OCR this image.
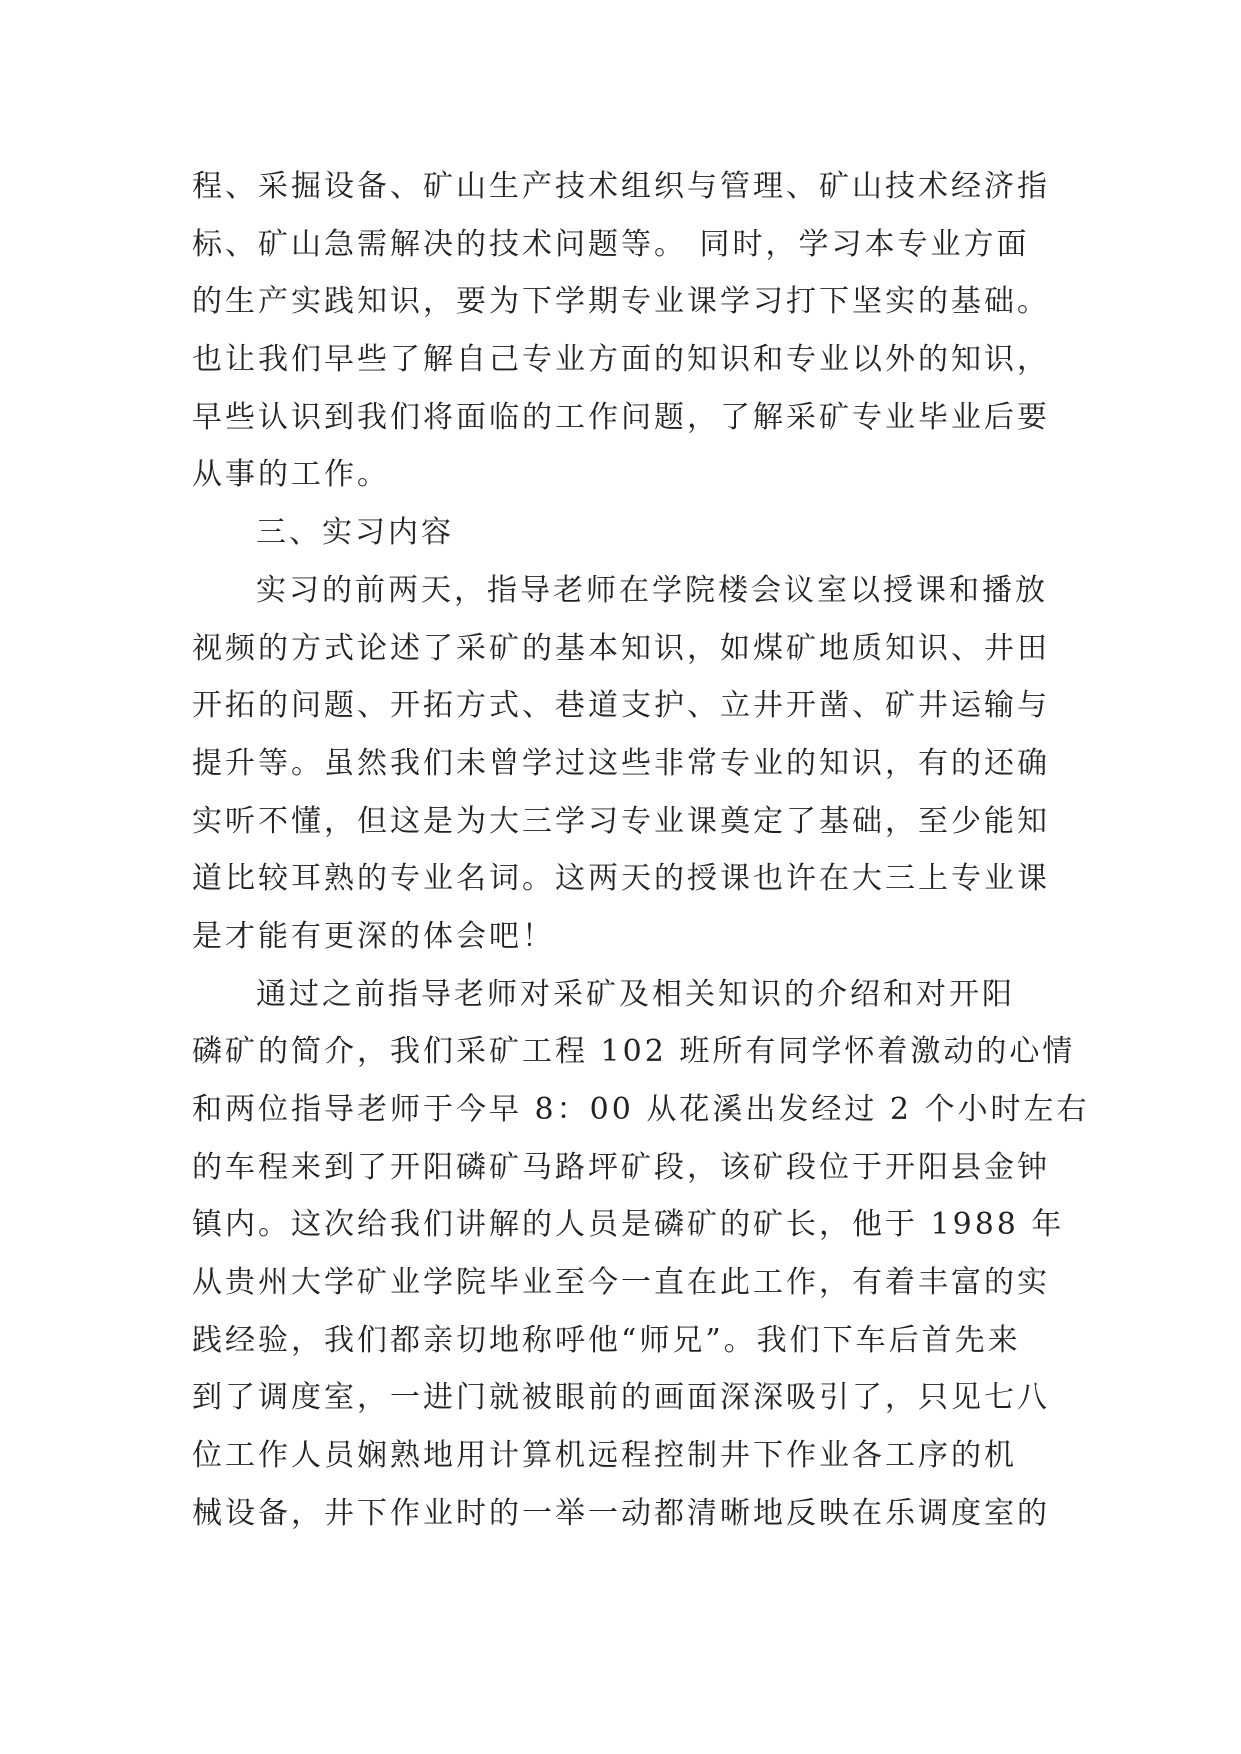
程、采掘设备、矿山生产技术组织与管理、矿山技术经济指
标、矿山急需解决的技术问题等。 同时，学习本专业方面
的生产实践知识，要为下学期专业课学习打下坚实的基础。
也让我们早些了解自己专业方面的知识和专业以外的知识，
早些认识到我们将面临的工作问题，了解采矿专业毕业后要
从事的工作。
三、实习内容
实习的前两天，指导老师在学院楼会议室以授课和播放
视频的方式论述了采矿的基本知识，如煤矿地质知识、井田
开拓的问题、开拓方式、巷道支护、立井开凿、矿井运输与
提升等。虽然我们未曾学过这些非常专业的知识，有的还确
实听不懂，但这是为大三学习专业课奠定了基础，至少能知
道比较耳熟的专业名词。这两天的授课也许在大三上专业课
是才能有更深的体会吧！
通过之前指导老师对采矿及相关知识的介绍和对开阳
磷矿的简介，我们采矿工程 102 班所有同学怀着激动的心情
和两位指导老师于今早 8：00 从花溪出发经过 2 个小时左右
的车程来到了开阳磷矿马路坪矿段，该矿段位于开阳县金钟
镇内。这次给我们讲解的人员是磷矿的矿长，他于 1988 年
从贵州大学矿业学院毕业至今一直在此工作，有着丰富的实
践经验，我们都亲切地称呼他“师兄”。我们下车后首先来
到了调度室，一进门就被眼前的画面深深吸引了，只见七八
位工作人员娴熟地用计算机远程控制井下作业各工序的机
械设备，井下作业时的一举一动都清晰地反映在乐调度室的
